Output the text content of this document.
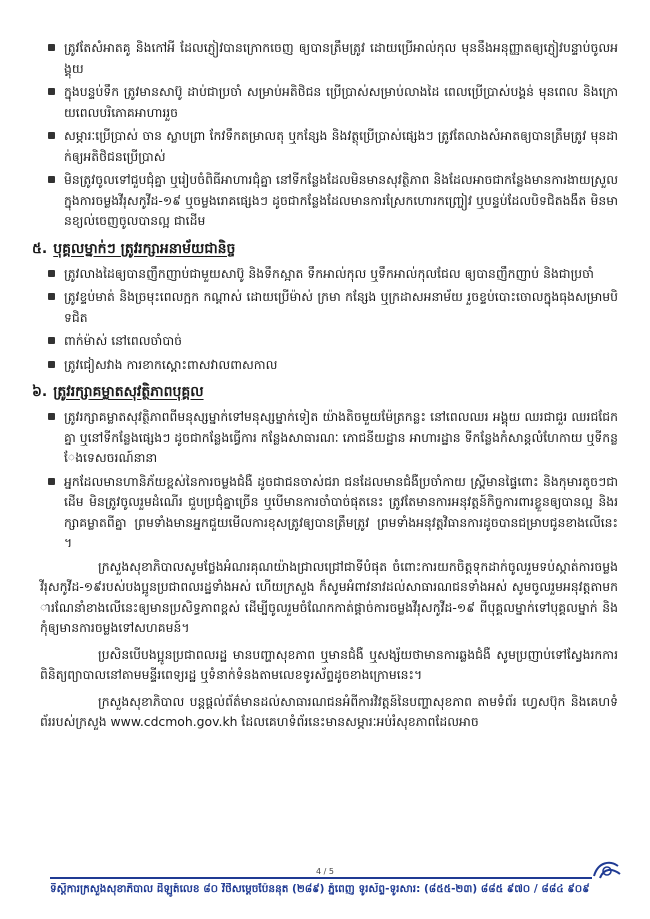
ត្រូវតែសំអាតគូ និងកៅអី ដែលភ្ញៀវបានក្រោកចេញ ឲ្យបានត្រឹមត្រូវ ដោយប្រើអាល់កុល មុននឹងអនុញ្ញាតឲ្យភ្ញៀវបន្ទាប់ចូលអង្គុយ
ក្នុងបន្ទប់ទឹក ត្រូវមានសាប៊ូ ដាប់ជាប្រចាំ សម្រាប់អតិថិជន ប្រើប្រាស់សម្រាប់លាងដៃ ពេលប្រើប្រាស់បង្គន់ មុនពេល និងក្រោយពេលបរិភោគអាហាររួច
សម្ភារៈប្រើប្រាស់ ចាន ស្លាបព្រា កែវទឹកតម្រាលតុ ឬកន្សែង និងវត្ថុប្រើប្រាស់ផ្សេងៗ ត្រូវតែលាងសំអាតឲ្យបានត្រឹមត្រូវ មុនដាក់ឲ្យអតិថិជនប្រើប្រាស់
មិនត្រូវចូលទៅជួបជុំគ្នា ឬរៀបចំពិធីអាហារជុំគ្នា នៅទីកន្លែងដែលមិនមានសុវត្ថិភាព និងដែលអាចជាកន្លែងមានការងាយស្រួលក្នុងការចម្លងវីរុសកូវីដ-១៩ ឬចម្លងរោគផ្សេងៗ ដូចជាកន្លែងដែលមានការស្រែកហោរកញ្ច្រៀវ ឬបន្ទប់ដែលបិទជិតងងឹត មិនមានខ្យល់ចេញចូលបានល្អ ជាដើម
៥. បុគ្គលម្នាក់ៗ ត្រូវរក្សាអនាម័យជានិច្ច
ត្រូវលាងដៃឲ្យបានញឹកញាប់ជាមួយសាប៊ូ និងទឹកស្អាត ទឹកអាល់កុល ឬទឹកអាល់កុលជែល ឲ្យបានញឹកញាប់ និងជាប្រចាំ
ត្រូវខ្ទប់មាត់ និងច្រមុះពេលក្អក កណ្តាស់ ដោយប្រើម៉ាស់ ក្រមា កន្សែង ឬក្រដាសអនាម័យ រួចខ្ទប់បោះចោលក្នុងធុងសម្រាមបិទជិត
ពាក់ម៉ាស់ នៅពេលចាំបាច់
ត្រូវជៀសវាង ការខាកស្តោះពាសវាលពាសកាល
៦. ត្រូវរក្សាគម្លាតសុវត្ថិភាពបុគ្គល
ត្រូវរក្សាគម្លាតសុវត្ថិភាពពីមនុស្សម្នាក់ទៅមនុស្សម្នាក់ទៀត យ៉ាងតិចមួយម៉ែត្រកន្លះ នៅពេលឈរ អង្គុយ ឈរជាជួរ ឈរជជែកគ្នា ឬនៅទីកន្លែងផ្សេងៗ ដូចជាកន្លែងធ្វើការ កន្លែងសាធារណៈ ភោជនីយដ្ឋាន អាហារដ្ឋាន ទីកន្លែងកំសាន្តលំហែកាយ ឬទីកន្លែងទេសចរណ៍នានា
អ្នកដែលមានហានិភ័យខ្ពស់នៃការចម្លងជំងឺ ដូចជាជនចាស់ជរា ជនដែលមានជំងឺប្រចាំកាយ ស្រ្តីមានផ្ទៃពោះ និងកុមារតូចៗជាដើម មិនត្រូវចូលរួមដំណើរ ជួបប្រជុំគ្នាច្រើន ឬបើមានការចាំបាច់ផុតនេះ ត្រូវតែមានការអនុវត្តន៍កិច្ចការពារខ្លួនឲ្យបានល្អ និងរក្សាគម្លាតពីគ្នា ព្រមទាំងមានអ្នកជួយមើលការខុសត្រូវឲ្យបានត្រឹមត្រូវ ព្រមទាំងអនុវត្តវិធានការដូចបានជម្រាបជូនខាងលើនេះ។

ក្រសួងសុខាភិបាលសូមថ្លែងអំណរគុណយ៉ាងជ្រាលជ្រៅជាទីបំផុត ចំពោះការយកចិត្តទុកដាក់ចូលរួមទប់ស្កាត់ការចម្លងវីរុសកូវីដ-១៩របស់បងប្អូនប្រជាពលរដ្ឋទាំងអស់ ហើយក្រសួង ក៏សូមអំពាវនាវដល់សាធារណជនទាំងអស់ សូមចូលរួមអនុវត្តតាមការណែនាំខាងលើនេះឲ្យមានប្រសិទ្ធភាពខ្ពស់ ដើម្បីចូលរួមចំណែកកាត់ផ្តាច់ការចម្លងវីរុសកូវីដ-១៩ ពីបុគ្គលម្នាក់ទៅបុគ្គលម្នាក់ និងកុំឲ្យមានការចម្លងទៅសហគមន៍។

ប្រសិនបើបងប្អូនប្រជាពលរដ្ឋ មានបញ្ហាសុខភាព ឬមានជំងឺ ឬសង្ស័យថាមានការឆ្លងជំងឺ សូមប្រញាប់ទៅស្វែងរកការពិនិត្យព្យាបាលនៅតាមមន្ទីរពេទ្យរដ្ឋ ឬទំនាក់ទំនងតាមលេខទូរស័ព្ទដូចខាងក្រោមនេះ។

ក្រសួងសុខាភិបាល បន្តផ្តល់ព័ត៌មានដល់សាធារណជនអំពីការវិវត្តន៍នៃបញ្ហាសុខភាព តាមទំព័រ ហ្វេសប៊ុក និងគេហទំព័ររបស់ក្រសួង www.cdcmoh.gov.kh ដែលគេហទំព័រនេះមានសម្ភារៈអប់រំសុខភាពដែលអាច

4 / 5
ទីស្តីការក្រសួងសុខាភិបាល ដីឡូត៍លេខ ៨០ វិថីសម្តេចប៉ែននុត (២៨៩) ភ្នំពេញ ទូរស័ព្ទ-ទូរសារ: (៨៥៥-២៣) ៨៨៥ ៩៧០ / ៨៨៤ ៩០៩
